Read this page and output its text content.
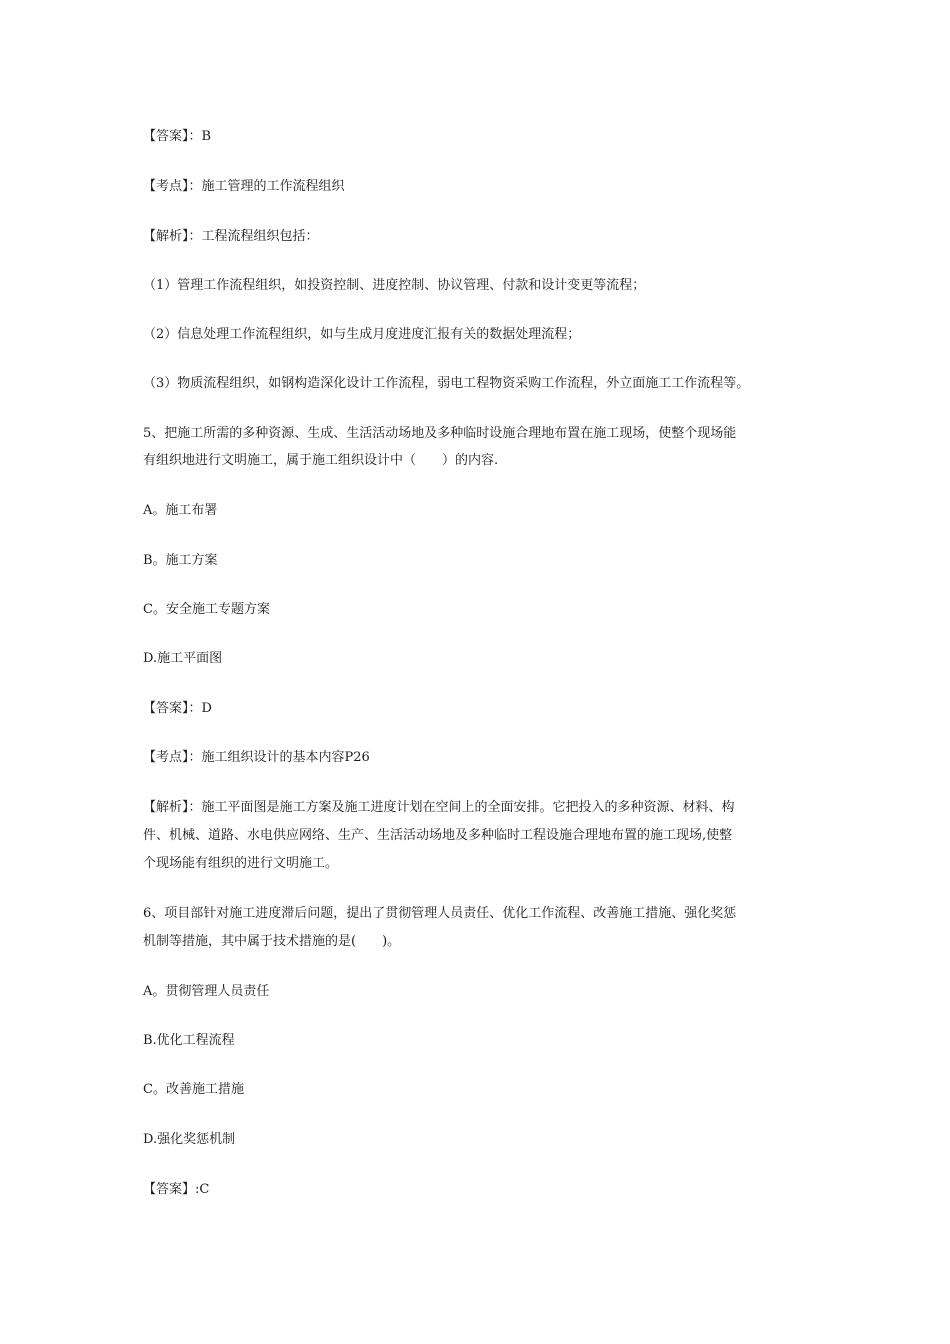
【答案】：B
【考点】：施工管理的工作流程组织
【解析】：工程流程组织包括：
（1）管理工作流程组织，如投资控制、进度控制、协议管理、付款和设计变更等流程；
（2）信息处理工作流程组织，如与生成月度进度汇报有关的数据处理流程；
（3）物质流程组织，如钢构造深化设计工作流程，弱电工程物资采购工作流程，外立面施工工作流程等。
5、把施工所需的多种资源、生成、生活活动场地及多种临时设施合理地布置在施工现场，使整个现场能
有组织地进行文明施工，属于施工组织设计中（　　）的内容.
A。施工布署
B。施工方案
C。安全施工专题方案
D.施工平面图
【答案】：D
【考点】：施工组织设计的基本内容P26
【解析】：施工平面图是施工方案及施工进度计划在空间上的全面安排。它把投入的多种资源、材料、构
件、机械、道路、水电供应网络、生产、生活活动场地及多种临时工程设施合理地布置的施工现场,使整
个现场能有组织的进行文明施工。
6、项目部针对施工进度滞后问题，提出了贯彻管理人员责任、优化工作流程、改善施工措施、强化奖惩
机制等措施，其中属于技术措施的是(　　)。
A。贯彻管理人员责任
B.优化工程流程
C。改善施工措施
D.强化奖惩机制
【答案】:C
